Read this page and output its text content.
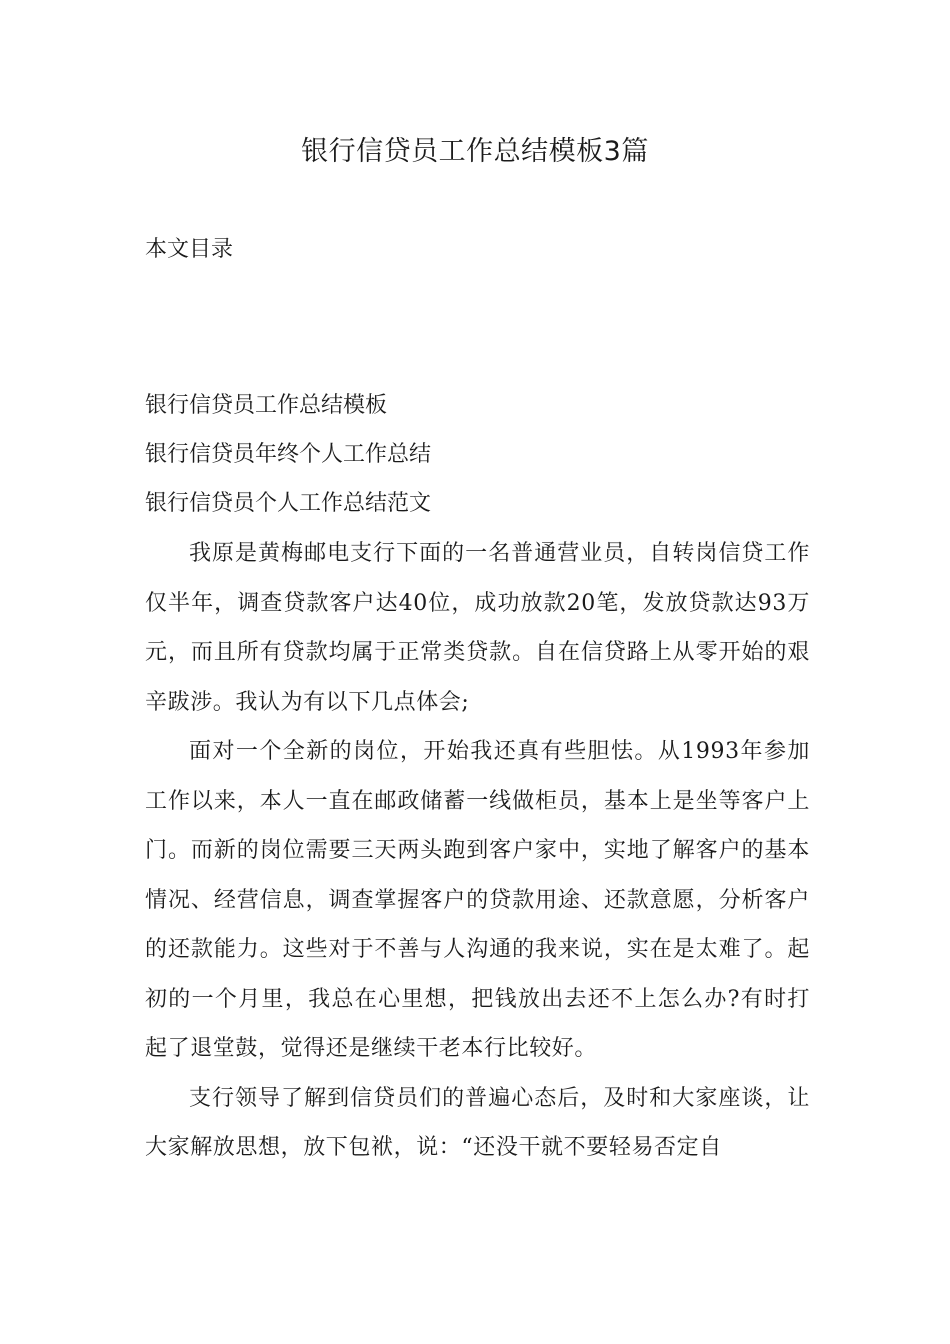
银行信贷员工作总结模板3篇

本文目录

银行信贷员工作总结模板
银行信贷员年终个人工作总结
银行信贷员个人工作总结范文

我原是黄梅邮电支行下面的一名普通营业员，自转岗信贷工作仅半年，调查贷款客户达40位，成功放款20笔，发放贷款达93万元，而且所有贷款均属于正常类贷款。自在信贷路上从零开始的艰辛跋涉。我认为有以下几点体会;

面对一个全新的岗位，开始我还真有些胆怯。从1993年参加工作以来，本人一直在邮政储蓄一线做柜员，基本上是坐等客户上门。而新的岗位需要三天两头跑到客户家中，实地了解客户的基本情况、经营信息，调查掌握客户的贷款用途、还款意愿，分析客户的还款能力。这些对于不善与人沟通的我来说，实在是太难了。起初的一个月里，我总在心里想，把钱放出去还不上怎么办?有时打起了退堂鼓，觉得还是继续干老本行比较好。

支行领导了解到信贷员们的普遍心态后，及时和大家座谈，让大家解放思想，放下包袱，说：“还没干就不要轻易否定自
